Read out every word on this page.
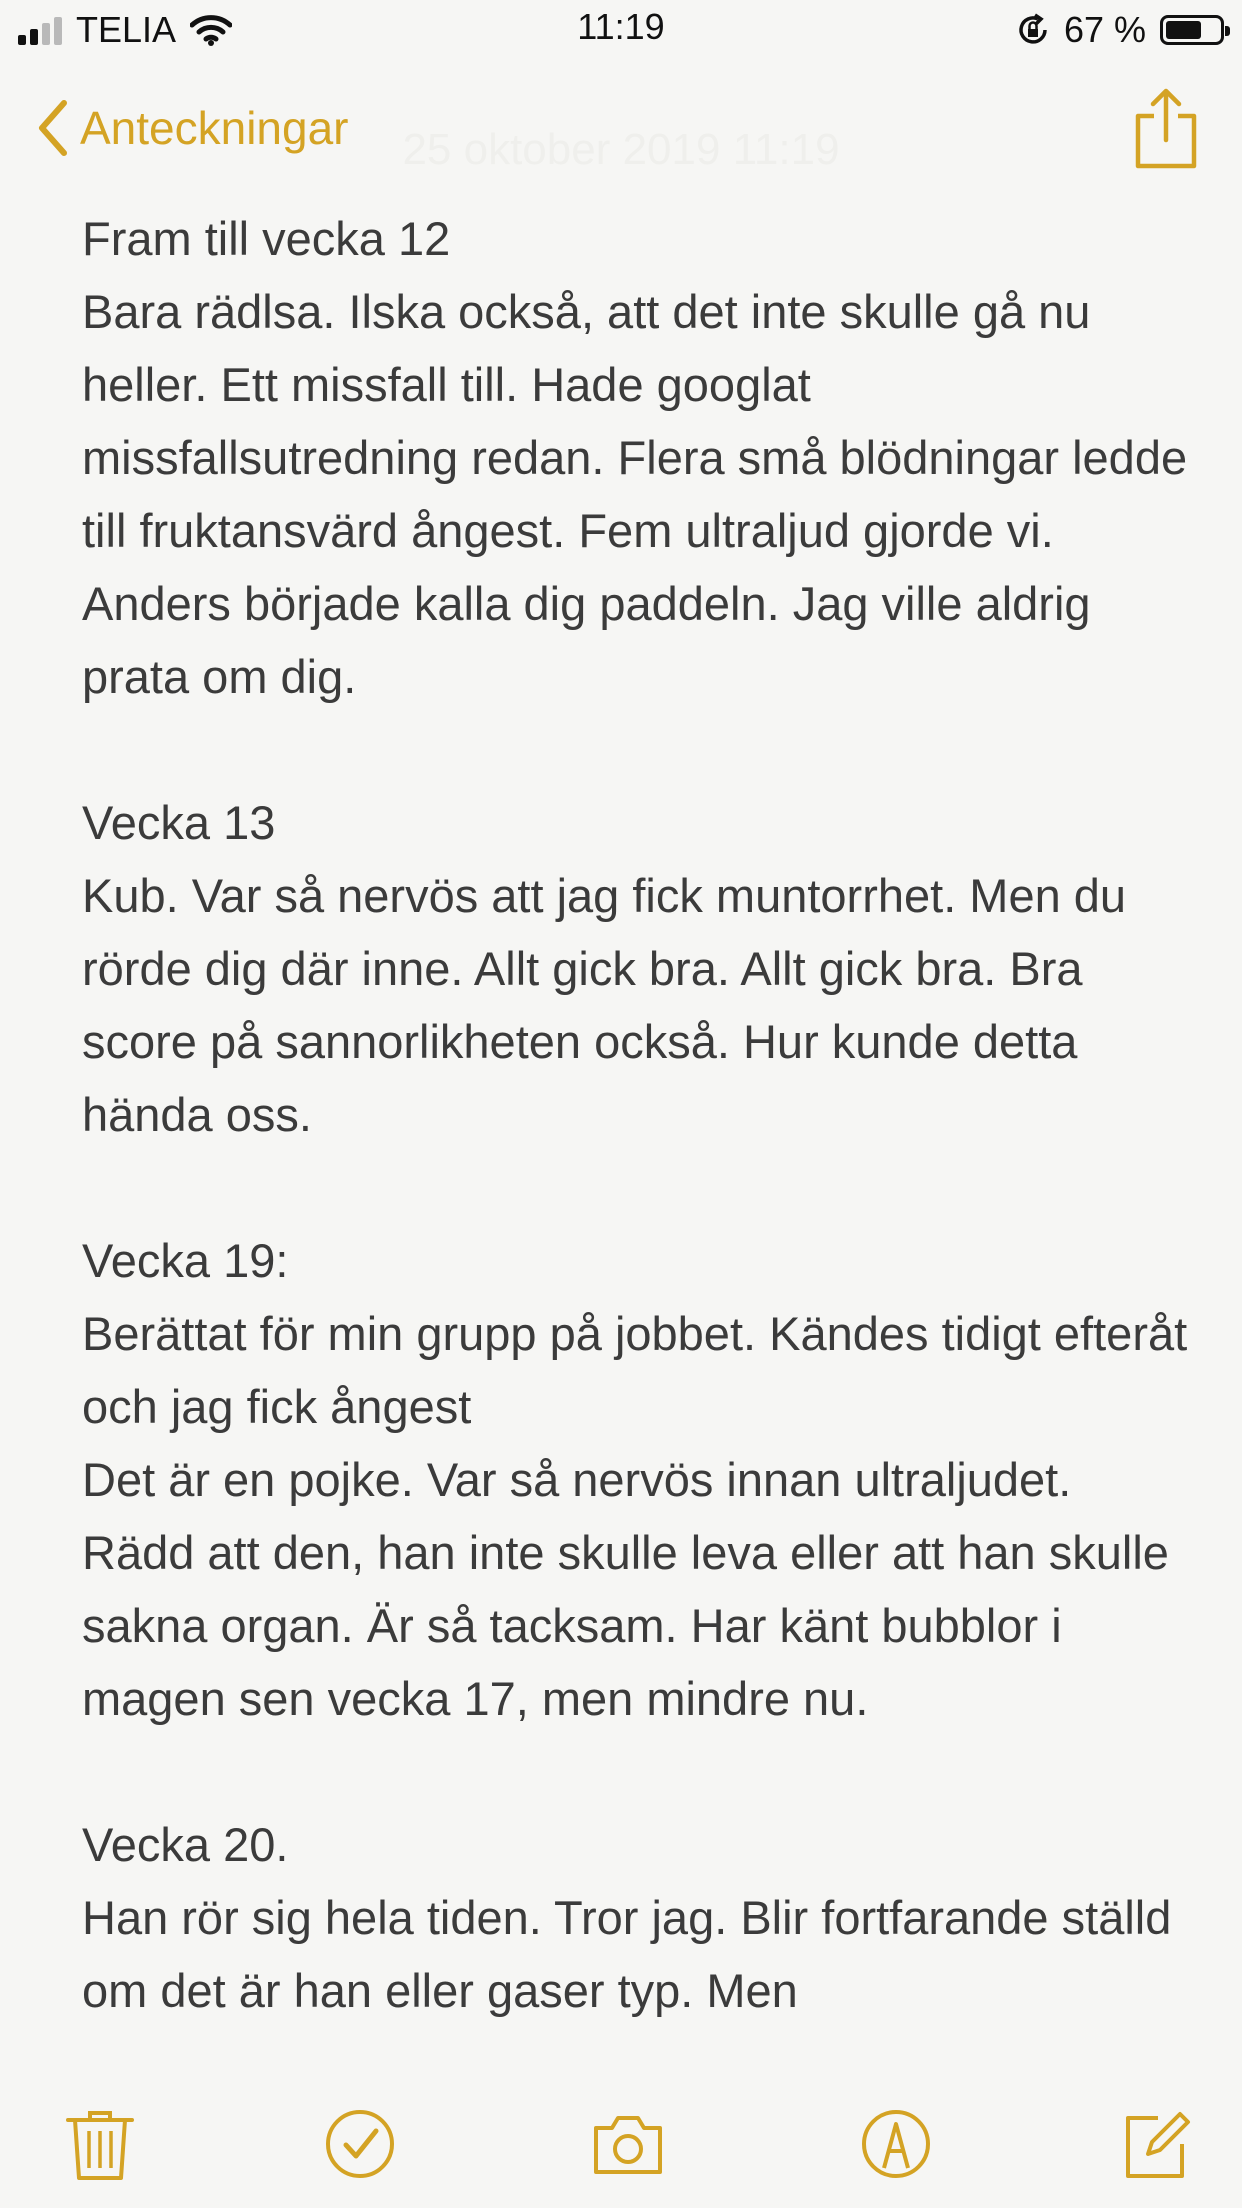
TELIA	11:19	67 %
Anteckningar	25 oktober 2019 11:19

Fram till vecka 12

Bara rädlsa. Ilska också, att det inte skulle gå nu heller. Ett missfall till. Hade googlat missfallsutredning redan. Flera små blödningar ledde till fruktansvärd ångest. Fem ultraljud gjorde vi. Anders började kalla dig paddeln. Jag ville aldrig prata om dig.

Vecka 13

Kub. Var så nervös att jag fick muntorrhet. Men du rörde dig där inne. Allt gick bra. Allt gick bra. Bra score på sannorlikheten också. Hur kunde detta hända oss.

Vecka 19:

Berättat för min grupp på jobbet. Kändes tidigt efteråt och jag fick ångest
Det är en pojke. Var så nervös innan ultraljudet. Rädd att den, han inte skulle leva eller att han skulle sakna organ. Är så tacksam. Har känt bubblor i magen sen vecka 17, men mindre nu.

Vecka 20.

Han rör sig hela tiden. Tror jag. Blir fortfarande ställd om det är han eller gaser typ. Men
